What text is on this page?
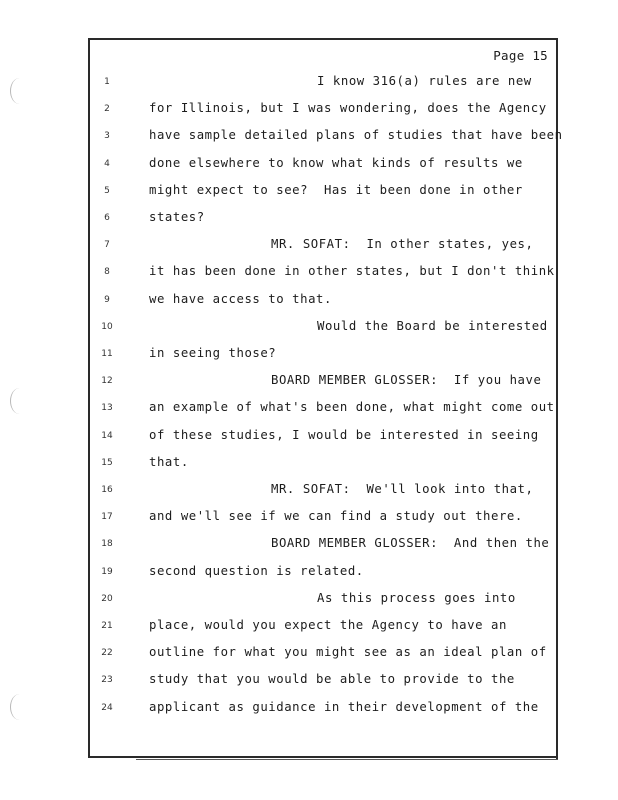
Page 15
1	I know 316(a) rules are new
2	for Illinois, but I was wondering, does the Agency
3	have sample detailed plans of studies that have been
4	done elsewhere to know what kinds of results we
5	might expect to see?  Has it been done in other
6	states?
7	MR. SOFAT:  In other states, yes,
8	it has been done in other states, but I don't think
9	we have access to that.
10	Would the Board be interested
11	in seeing those?
12	BOARD MEMBER GLOSSER:  If you have
13	an example of what's been done, what might come out
14	of these studies, I would be interested in seeing
15	that.
16	MR. SOFAT:  We'll look into that,
17	and we'll see if we can find a study out there.
18	BOARD MEMBER GLOSSER:  And then the
19	second question is related.
20	As this process goes into
21	place, would you expect the Agency to have an
22	outline for what you might see as an ideal plan of
23	study that you would be able to provide to the
24	applicant as guidance in their development of the
